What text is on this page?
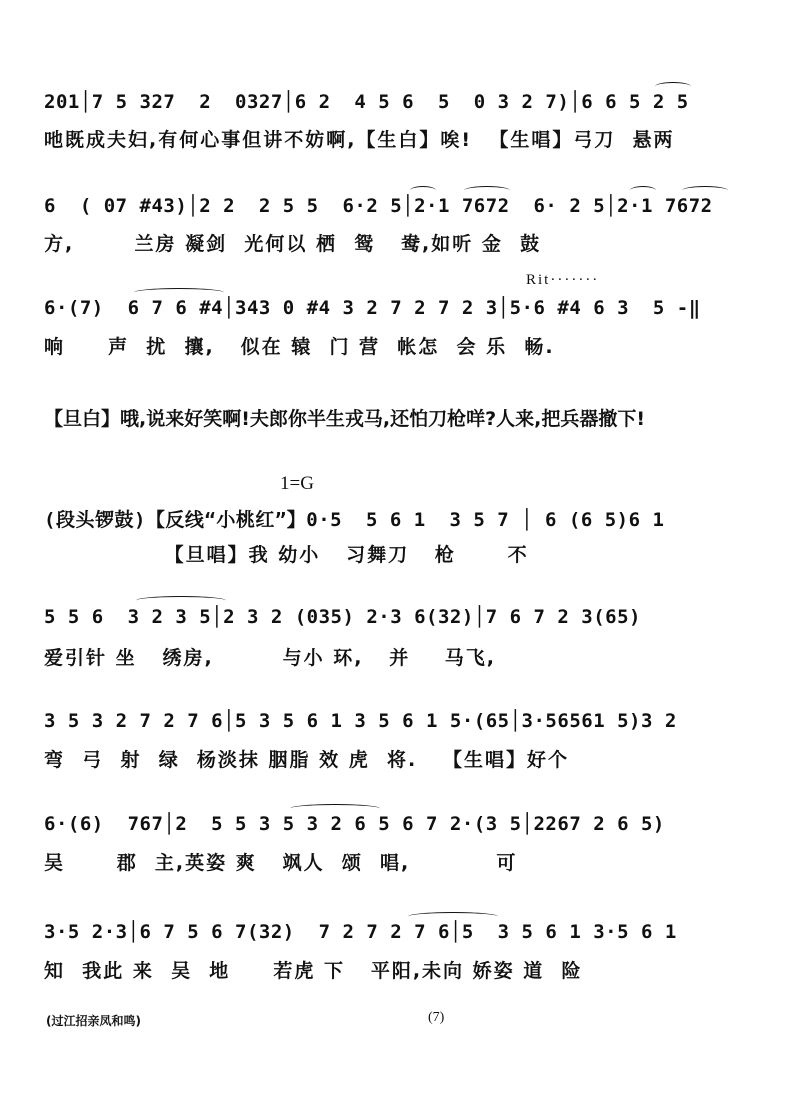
201│7 5 327  2  0327│6 2  4 5 6  5  0 3 2 7)│6 6 5 2 5
吔既成夫妇,有何心事但讲不妨啊,【生白】唉!  【生唱】弓刀  悬两
6  ( 07 #43)│2 2  2 5 5  6·2 5│2·1 7672  6· 2 5│2·1 7672
方,       兰房 凝剑  光何以 栖  鸳   鸯,如听 金  鼓
Rit·······
6·(7)  6 7 6 #4│343 0 #4 3 2 7 2 7 2 3│5·6 #4 6 3  5 -‖
响     声  扰  攘,   似在 辕  门 营  帐怎  会 乐  畅.
【旦白】哦,说来好笑啊!夫郎你半生戎马,还怕刀枪咩?人来,把兵器撤下!
1=G
(段头锣鼓)【反线“小桃红”】0·5  5 6 1  3 5 7 │ 6 (6 5)6 1
【旦唱】我 幼小   习舞刀   枪      不
5 5 6  3 2 3 5│2 3 2 (035) 2·3 6(32)│7 6 7 2 3(65)
爱引针 坐   绣房,        与小 环,   并    马飞,
3 5 3 2 7 2 7 6│5 3 5 6 1 3 5 6 1 5·(65│3·56561 5)3 2
弯  弓  射  绿  杨淡抹 胭脂 效 虎  将.   【生唱】好个
6·(6)  767│2  5 5 3 5 3 2 6 5 6 7 2·(3 5│2267 2 6 5)
吴      郡  主,英姿 爽   飒人  颂  唱,          可
3·5 2·3│6 7 5 6 7(32)  7 2 7 2 7 6│5  3 5 6 1 3·5 6 1
知  我此 来  吴  地     若虎 下   平阳,未向 娇姿 道  险
(过江招亲凤和鸣)	(7)
